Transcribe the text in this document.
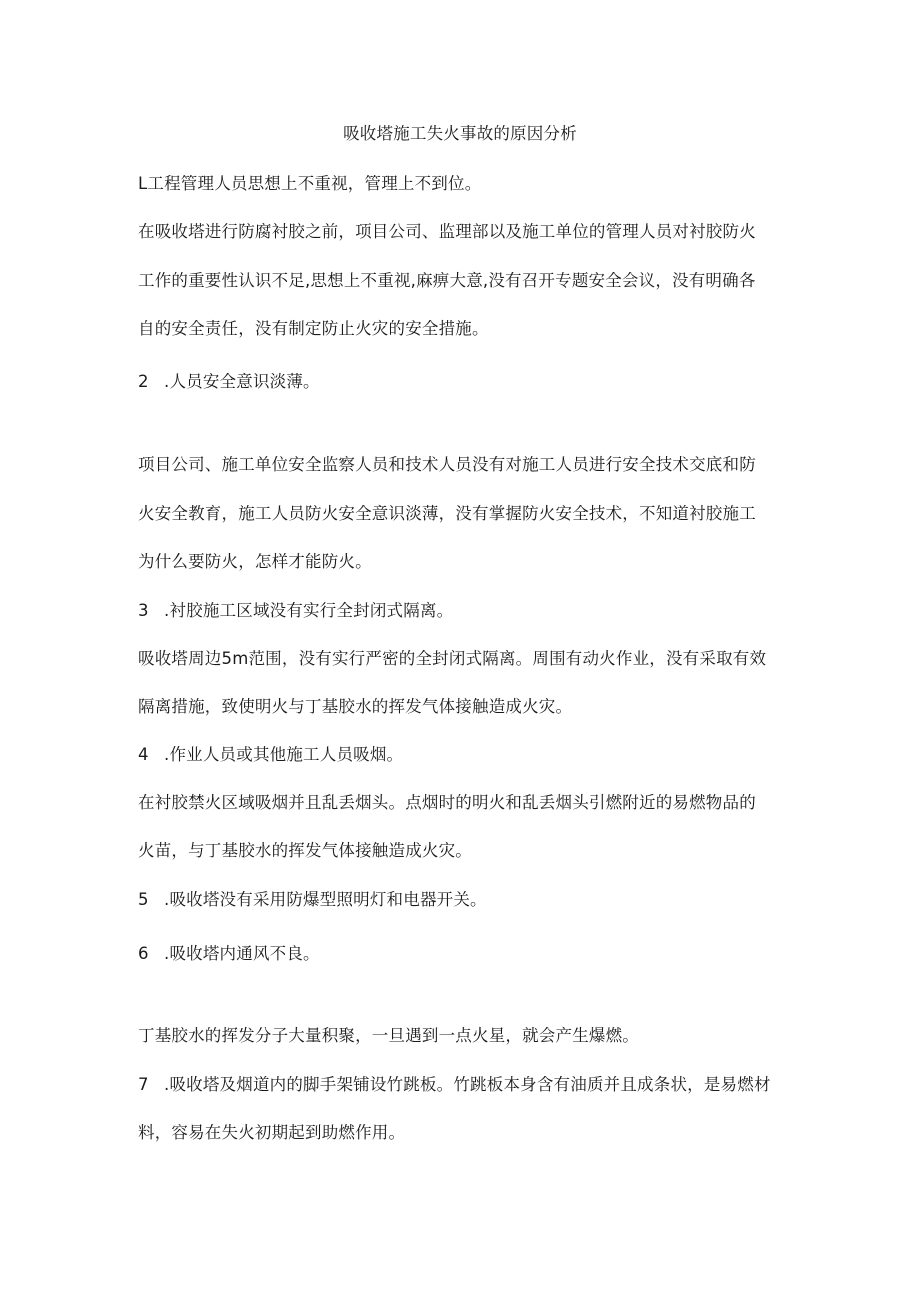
吸收塔施工失火事故的原因分析

L工程管理人员思想上不重视，管理上不到位。

在吸收塔进行防腐衬胶之前，项目公司、监理部以及施工单位的管理人员对衬胶防火

工作的重要性认识不足,思想上不重视,麻痹大意,没有召开专题安全会议，没有明确各

自的安全责任，没有制定防止火灾的安全措施。

2 .人员安全意识淡薄。

项目公司、施工单位安全监察人员和技术人员没有对施工人员进行安全技术交底和防

火安全教育，施工人员防火安全意识淡薄，没有掌握防火安全技术，不知道衬胶施工

为什么要防火，怎样才能防火。

3 .衬胶施工区域没有实行全封闭式隔离。

吸收塔周边5m范围，没有实行严密的全封闭式隔离。周围有动火作业，没有采取有效

隔离措施，致使明火与丁基胶水的挥发气体接触造成火灾。

4 .作业人员或其他施工人员吸烟。

在衬胶禁火区域吸烟并且乱丢烟头。点烟时的明火和乱丢烟头引燃附近的易燃物品的

火苗，与丁基胶水的挥发气体接触造成火灾。

5 .吸收塔没有采用防爆型照明灯和电器开关。

6 .吸收塔内通风不良。

丁基胶水的挥发分子大量积聚，一旦遇到一点火星，就会产生爆燃。

7 .吸收塔及烟道内的脚手架铺设竹跳板。竹跳板本身含有油质并且成条状，是易燃材

料，容易在失火初期起到助燃作用。
